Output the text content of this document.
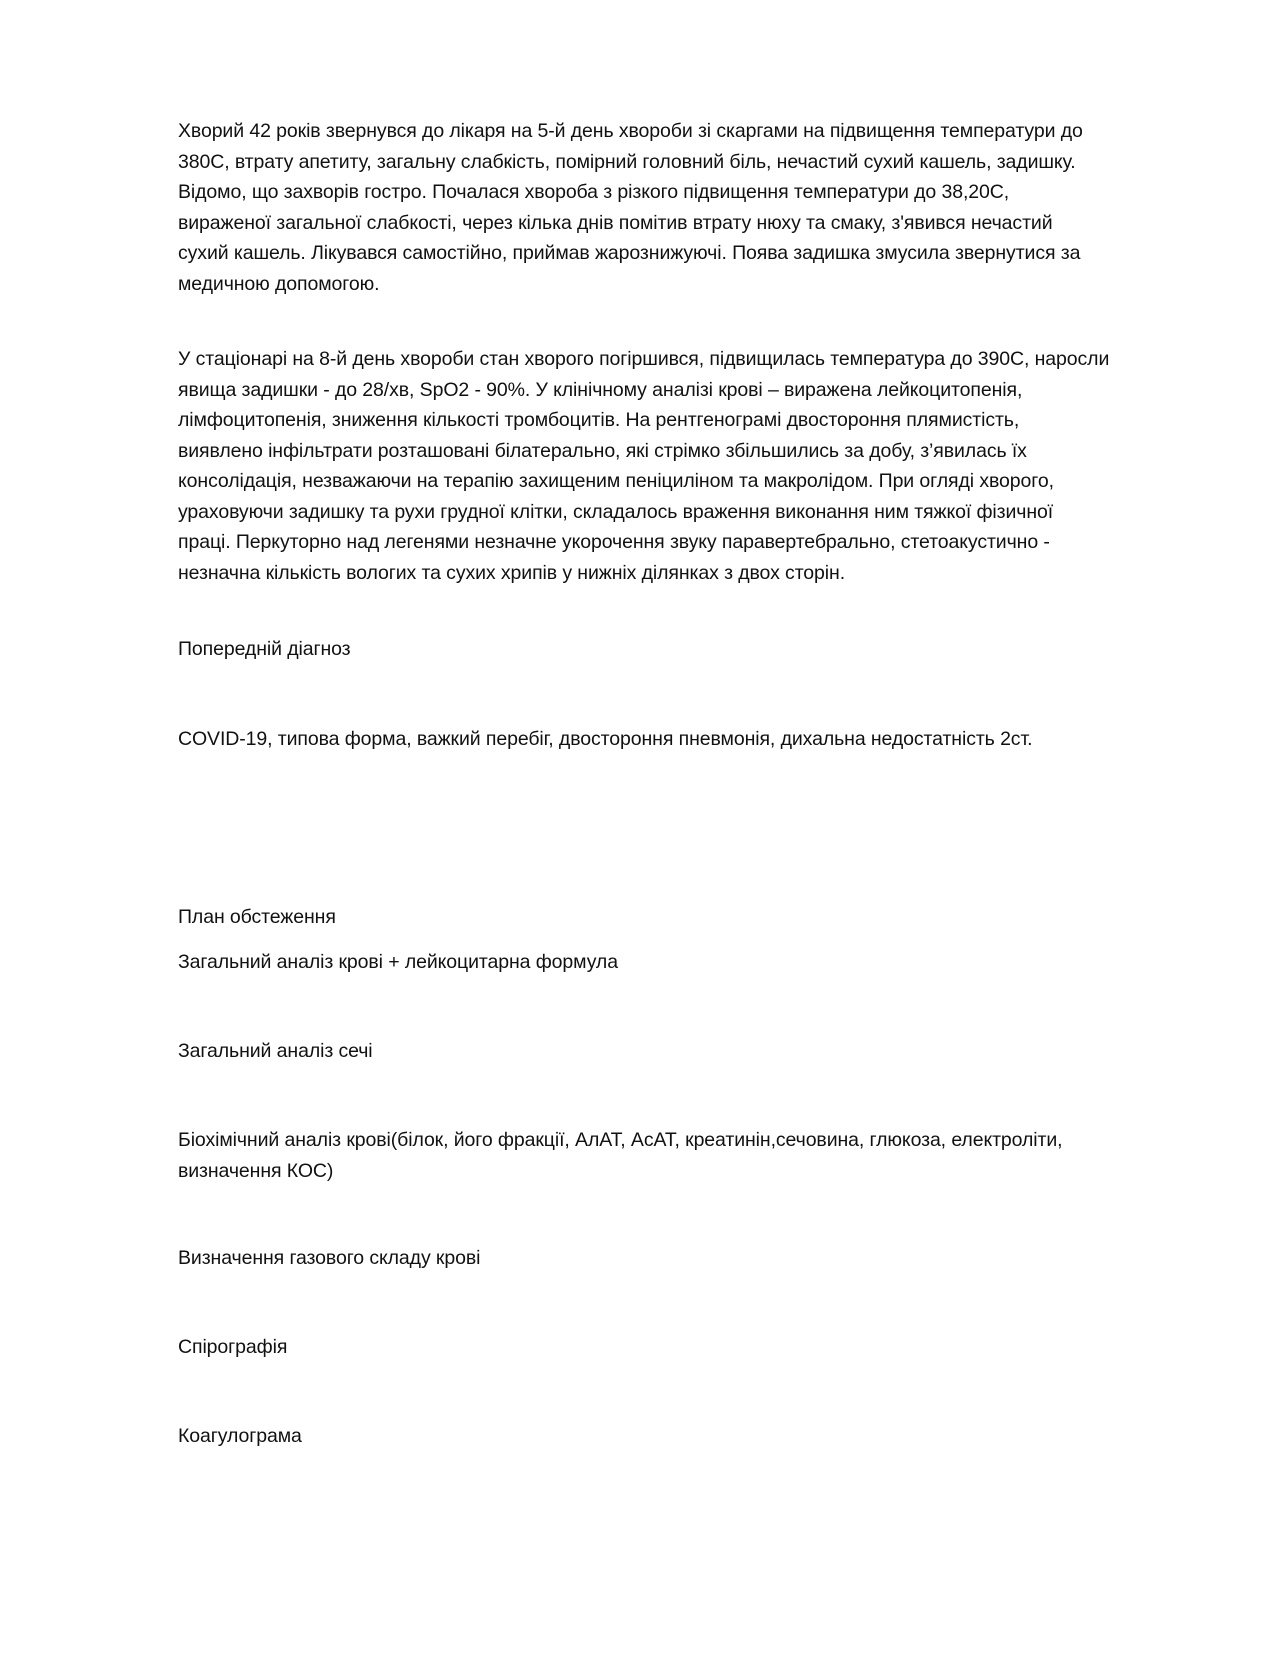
Хворий 42 років звернувся до лікаря на 5-й день хвороби зі скаргами на підвищення температури до
380С, втрату апетиту, загальну слабкість, помірний головний біль, нечастий сухий кашель, задишку.
Відомо, що захворів гостро. Почалася хвороба з різкого підвищення температури до 38,20С,
вираженої загальної слабкості, через кілька днів помітив втрату нюху та смаку, з'явився нечастий
сухий кашель. Лікувався самостійно, приймав жарознижуючі. Поява задишка змусила звернутися за
медичною допомогою.

У стаціонарі на 8-й день хвороби стан хворого погіршився, підвищилась температура до 390С, наросли
явища задишки - до 28/хв, SpO2 - 90%. У клінічному аналізі крові – виражена лейкоцитопенія,
лімфоцитопенія, зниження кількості тромбоцитів. На рентгенограмі двостороння плямистість,
виявлено інфільтрати розташовані білатерально, які стрімко збільшились за добу, з’явилась їх
консолідація, незважаючи на терапію захищеним пеніциліном та макролідом. При огляді хворого,
ураховуючи задишку та рухи грудної клітки, складалось враження виконання ним тяжкої фізичної
праці. Перкуторно над легенями незначне укорочення звуку паравертебрально, стетоакустично -
незначна кількість вологих та сухих хрипів у нижніх ділянках з двох сторін.

Попередній діагноз

COVID-19, типова форма, важкий перебіг, двостороння пневмонія, дихальна недостатність 2ст.

План обстеження

Загальний аналіз крові + лейкоцитарна формула

Загальний аналіз сечі

Біохімічний аналіз крові(білок, його фракції, АлАТ, АсАТ, креатинін,сечовина, глюкоза, електроліти,
визначення КОС)

Визначення газового складу крові

Спірографія

Коагулограма
